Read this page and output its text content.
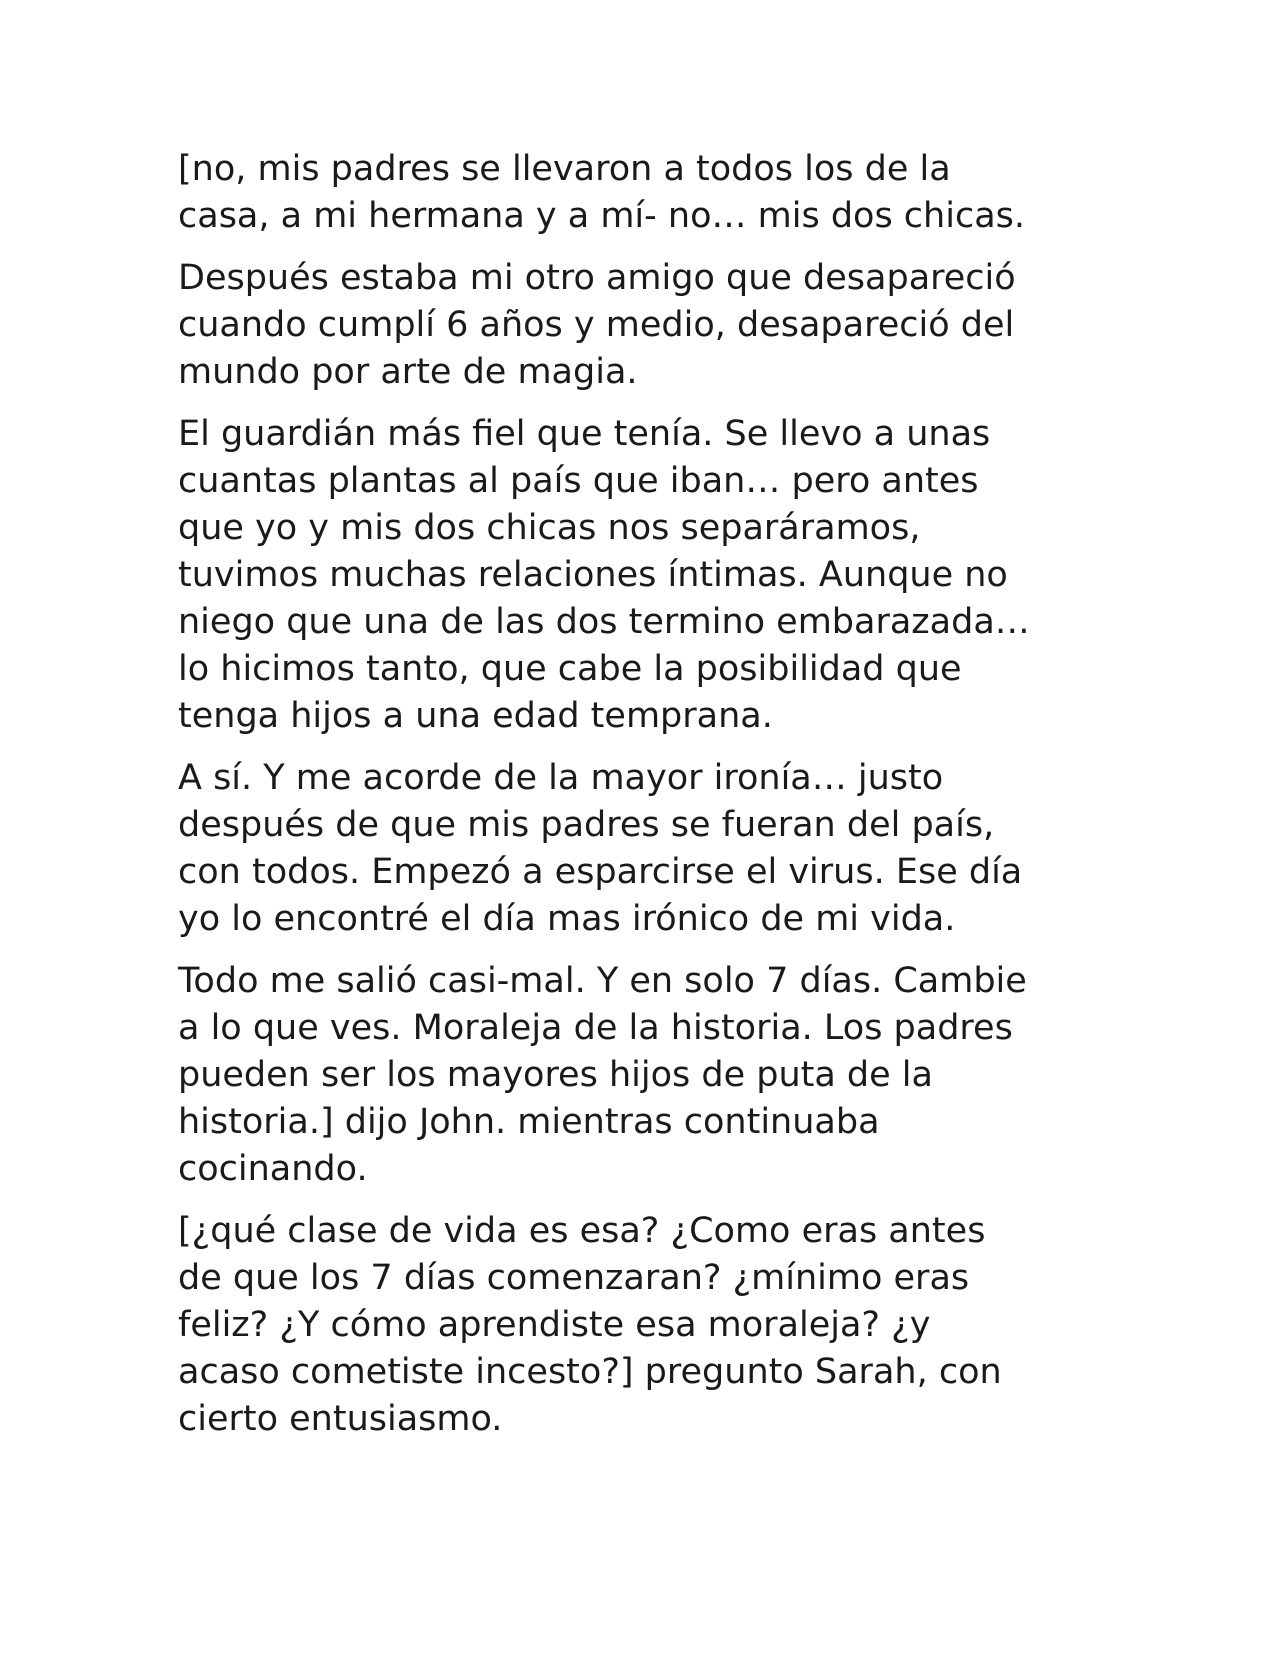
[no, mis padres se llevaron a todos los de la
casa, a mi hermana y a mí- no… mis dos chicas.

Después estaba mi otro amigo que desapareció
cuando cumplí 6 años y medio, desapareció del
mundo por arte de magia.

El guardián más fiel que tenía. Se llevo a unas
cuantas plantas al país que iban… pero antes
que yo y mis dos chicas nos separáramos,
tuvimos muchas relaciones íntimas. Aunque no
niego que una de las dos termino embarazada…
lo hicimos tanto, que cabe la posibilidad que
tenga hijos a una edad temprana.

A sí. Y me acorde de la mayor ironía… justo
después de que mis padres se fueran del país,
con todos. Empezó a esparcirse el virus. Ese día
yo lo encontré el día mas irónico de mi vida.

Todo me salió casi-mal. Y en solo 7 días. Cambie
a lo que ves. Moraleja de la historia. Los padres
pueden ser los mayores hijos de puta de la
historia.] dijo John. mientras continuaba
cocinando.

[¿qué clase de vida es esa? ¿Como eras antes
de que los 7 días comenzaran? ¿mínimo eras
feliz? ¿Y cómo aprendiste esa moraleja? ¿y
acaso cometiste incesto?] pregunto Sarah, con
cierto entusiasmo.
